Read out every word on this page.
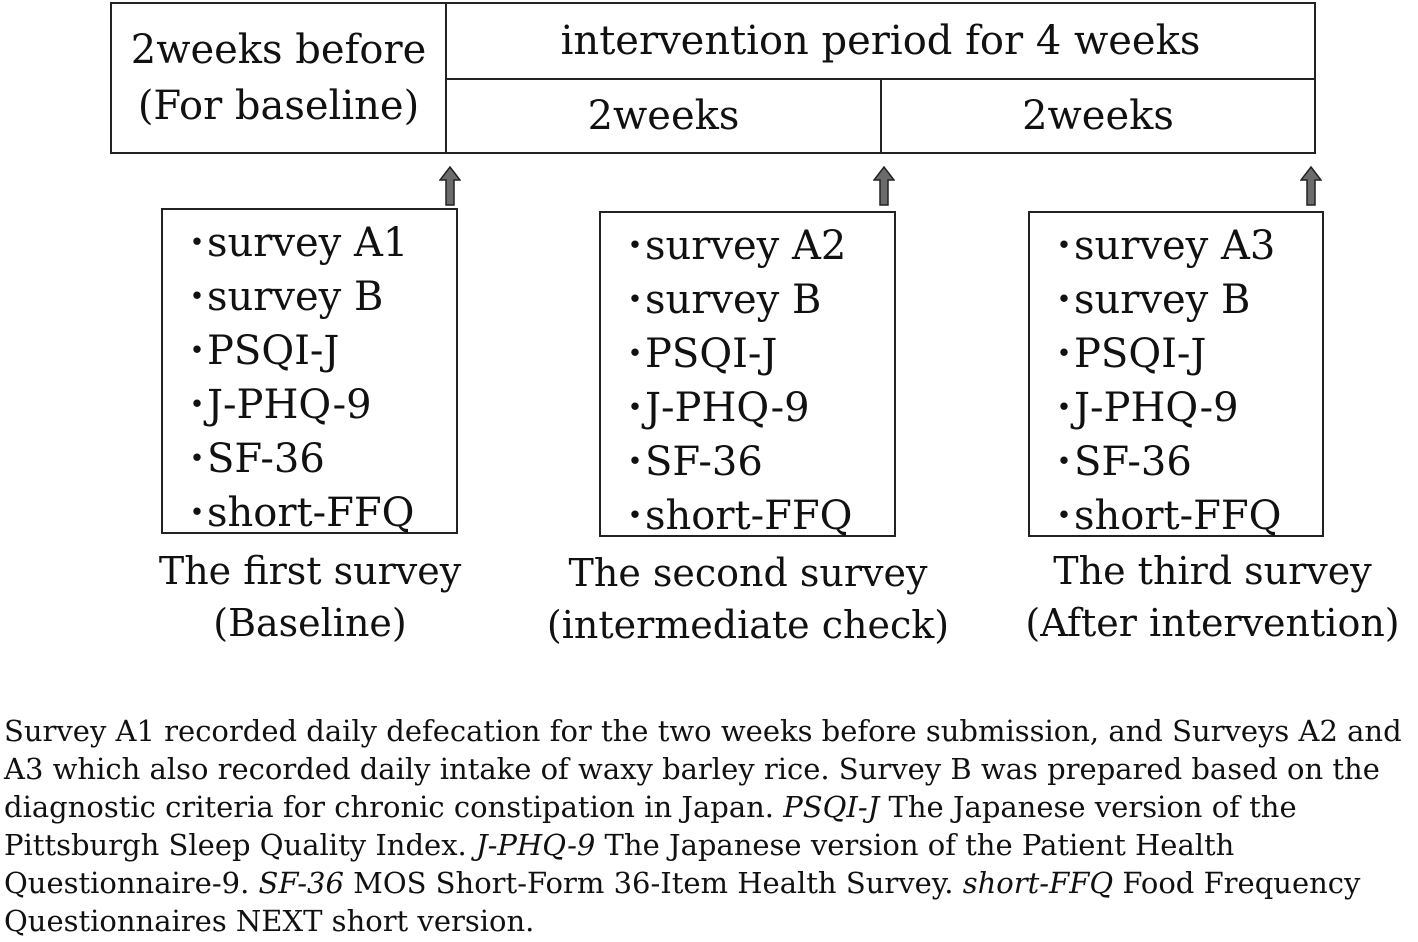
2weeks before
(For baseline)
intervention period for 4 weeks
2weeks	2weeks
・survey A1
・survey B
・PSQI-J
・J-PHQ-9
・SF-36
・short-FFQ
The first survey
(Baseline)
・survey A2
・survey B
・PSQI-J
・J-PHQ-9
・SF-36
・short-FFQ
The second survey
(intermediate check)
・survey A3
・survey B
・PSQI-J
・J-PHQ-9
・SF-36
・short-FFQ
The third survey
(After intervention)
Survey A1 recorded daily defecation for the two weeks before submission, and Surveys A2 and A3 which also recorded daily intake of waxy barley rice. Survey B was prepared based on the diagnostic criteria for chronic constipation in Japan. PSQI-J The Japanese version of the Pittsburgh Sleep Quality Index. J-PHQ-9 The Japanese version of the Patient Health Questionnaire-9. SF-36 MOS Short-Form 36-Item Health Survey. short-FFQ Food Frequency Questionnaires NEXT short version.
